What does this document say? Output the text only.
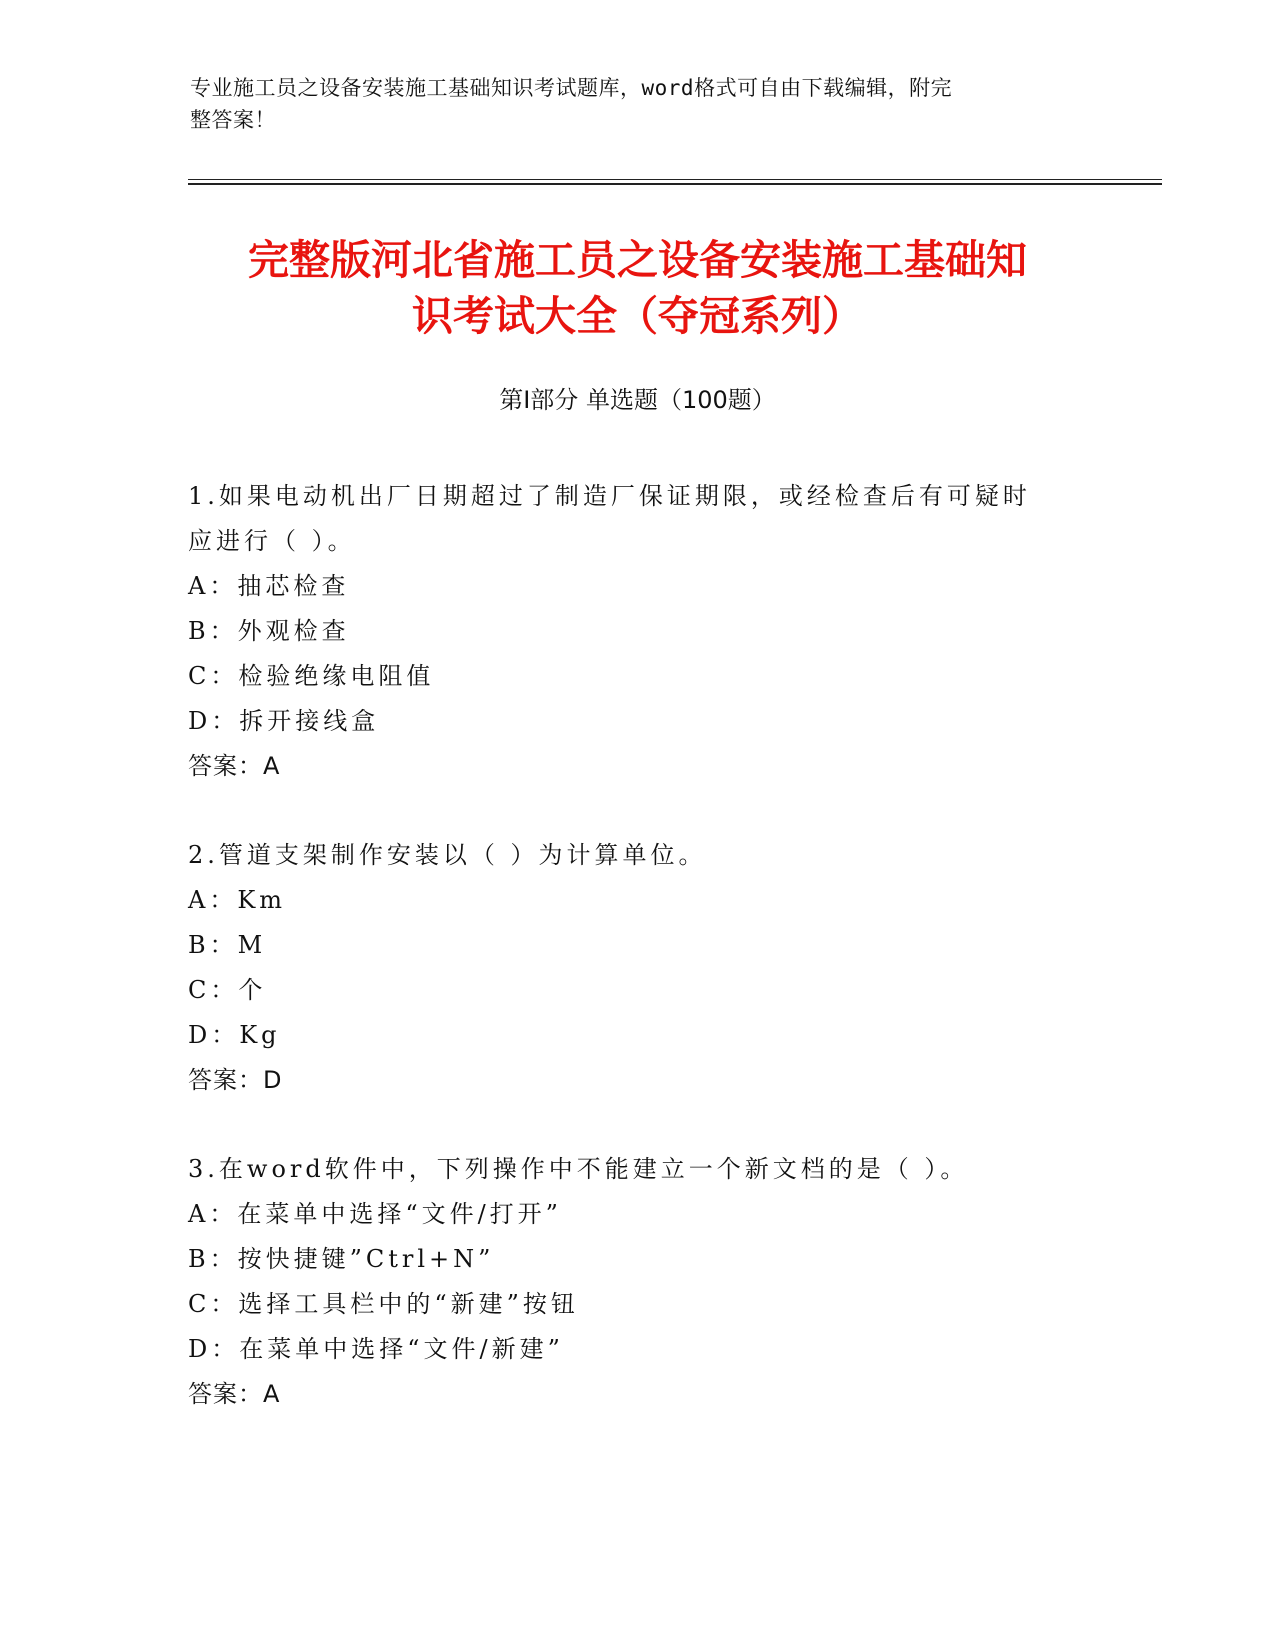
专业施工员之设备安装施工基础知识考试题库，word格式可自由下载编辑，附完
整答案！
完整版河北省施工员之设备安装施工基础知
识考试大全（夺冠系列）
第Ⅰ部分 单选题（100题）
1.如果电动机出厂日期超过了制造厂保证期限，或经检查后有可疑时
应进行（ ）。
A：抽芯检查
B：外观检查
C：检验绝缘电阻值
D：拆开接线盒
答案：A
2.管道支架制作安装以（ ）为计算单位。
A：Km
B：M
C：个
D：Kg
答案：D
3.在word软件中，下列操作中不能建立一个新文档的是（ ）。
A：在菜单中选择“文件/打开”
B：按快捷键”Ctrl+N”
C：选择工具栏中的“新建”按钮
D：在菜单中选择“文件/新建”
答案：A
